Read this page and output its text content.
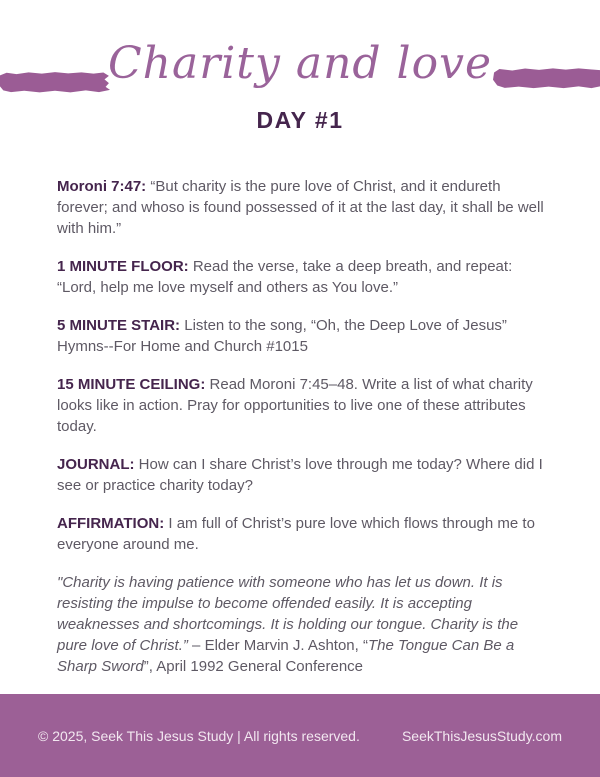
Charity and love
DAY #1

Moroni 7:47: “But charity is the pure love of Christ, and it endureth forever; and whoso is found possessed of it at the last day, it shall be well with him.”

1 MINUTE FLOOR: Read the verse, take a deep breath, and repeat: “Lord, help me love myself and others as You love.”

5 MINUTE STAIR: Listen to the song, “Oh, the Deep Love of Jesus” Hymns--For Home and Church #1015

15 MINUTE CEILING: Read Moroni 7:45–48. Write a list of what charity looks like in action. Pray for opportunities to live one of these attributes today.

JOURNAL: How can I share Christ’s love through me today? Where did I see or practice charity today?

AFFIRMATION: I am full of Christ’s pure love which flows through me to everyone around me.

"Charity is having patience with someone who has let us down. It is resisting the impulse to become offended easily. It is accepting weaknesses and shortcomings. It is holding our tongue. Charity is the pure love of Christ.” – Elder Marvin J. Ashton, “The Tongue Can Be a Sharp Sword”, April 1992 General Conference

© 2025, Seek This Jesus Study | All rights reserved.	SeekThisJesusStudy.com
